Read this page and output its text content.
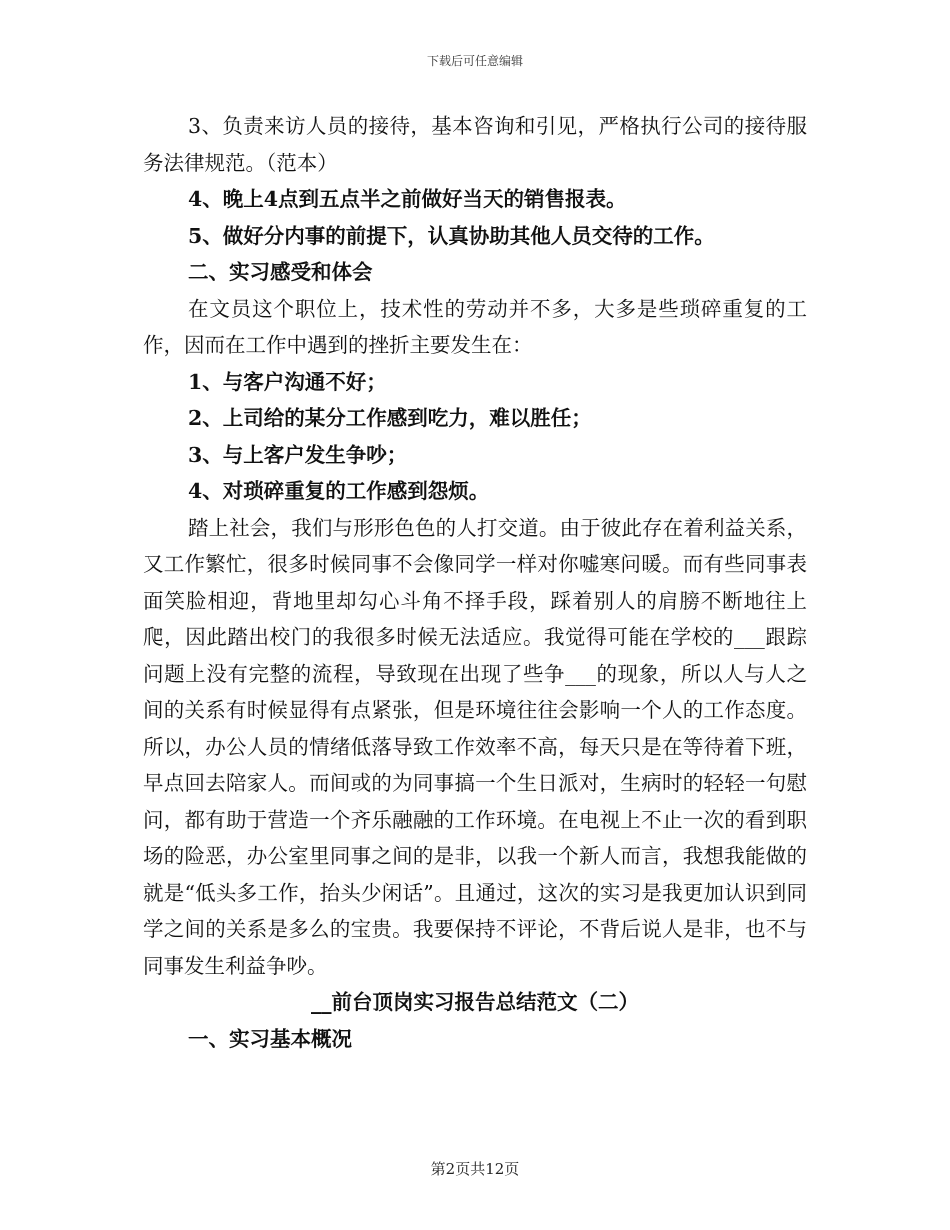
下载后可任意编辑

3、负责来访人员的接待，基本咨询和引见，严格执行公司的接待服务法律规范。（范本）

4、晚上4点到五点半之前做好当天的销售报表。

5、做好分内事的前提下，认真协助其他人员交待的工作。

二、实习感受和体会

在文员这个职位上，技术性的劳动并不多，大多是些琐碎重复的工作，因而在工作中遇到的挫折主要发生在：

1、与客户沟通不好；

2、上司给的某分工作感到吃力，难以胜任；

3、与上客户发生争吵；

4、对琐碎重复的工作感到怨烦。

踏上社会，我们与形形色色的人打交道。由于彼此存在着利益关系，又工作繁忙，很多时候同事不会像同学一样对你嘘寒问暖。而有些同事表面笑脸相迎，背地里却勾心斗角不择手段，踩着别人的肩膀不断地往上爬，因此踏出校门的我很多时候无法适应。我觉得可能在学校的___跟踪问题上没有完整的流程，导致现在出现了些争___的现象，所以人与人之间的关系有时候显得有点紧张，但是环境往往会影响一个人的工作态度。所以，办公人员的情绪低落导致工作效率不高，每天只是在等待着下班，早点回去陪家人。而间或的为同事搞一个生日派对，生病时的轻轻一句慰问，都有助于营造一个齐乐融融的工作环境。在电视上不止一次的看到职场的险恶，办公室里同事之间的是非，以我一个新人而言，我想我能做的就是“低头多工作，抬头少闲话”。且通过，这次的实习是我更加认识到同学之间的关系是多么的宝贵。我要保持不评论，不背后说人是非，也不与同事发生利益争吵。

__前台顶岗实习报告总结范文（二）

一、实习基本概况

第2页共12页
